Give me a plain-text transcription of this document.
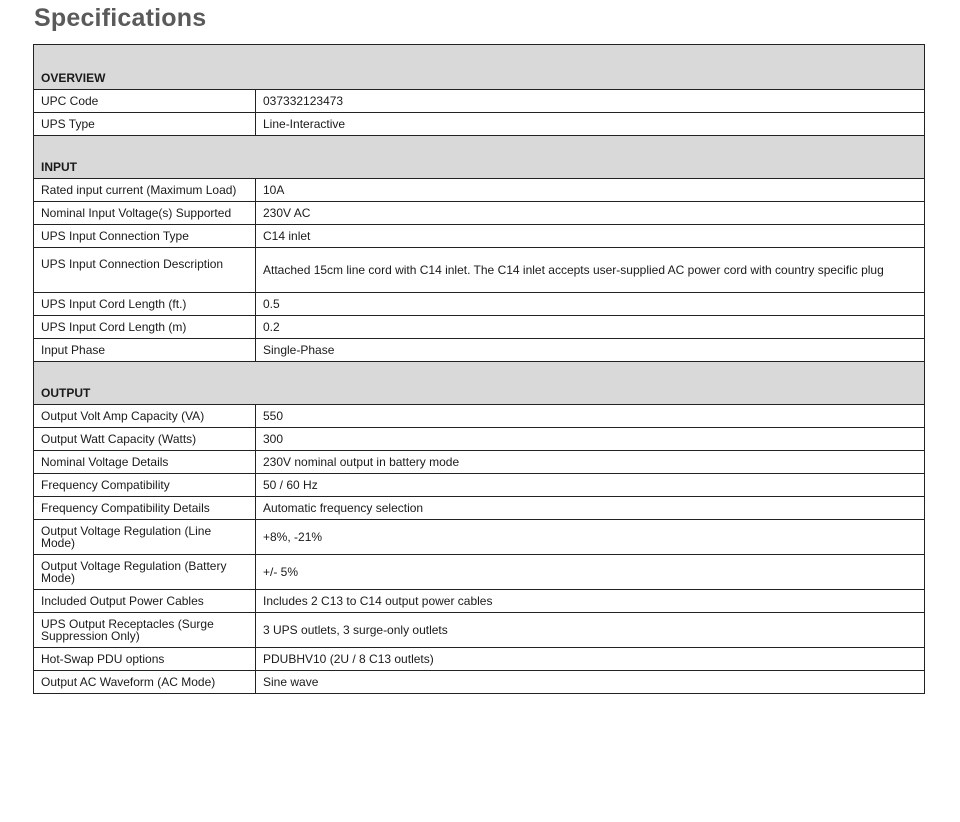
Specifications
OVERVIEW	
UPC Code	037332123473
UPS Type	Line-Interactive
INPUT	
Rated input current (Maximum Load)	10A
Nominal Input Voltage(s) Supported	230V AC
UPS Input Connection Type	C14 inlet
UPS Input Connection Description	Attached 15cm line cord with C14 inlet. The C14 inlet accepts user-supplied AC power cord with country specific plug
UPS Input Cord Length (ft.)	0.5
UPS Input Cord Length (m)	0.2
Input Phase	Single-Phase
OUTPUT	
Output Volt Amp Capacity (VA)	550
Output Watt Capacity (Watts)	300
Nominal Voltage Details	230V nominal output in battery mode
Frequency Compatibility	50 / 60 Hz
Frequency Compatibility Details	Automatic frequency selection
Output Voltage Regulation (Line Mode)	+8%, -21%
Output Voltage Regulation (Battery Mode)	+/- 5%
Included Output Power Cables	Includes 2 C13 to C14 output power cables
UPS Output Receptacles (Surge Suppression Only)	3 UPS outlets, 3 surge-only outlets
Hot-Swap PDU options	PDUBHV10 (2U / 8 C13 outlets)
Output AC Waveform (AC Mode)	Sine wave
